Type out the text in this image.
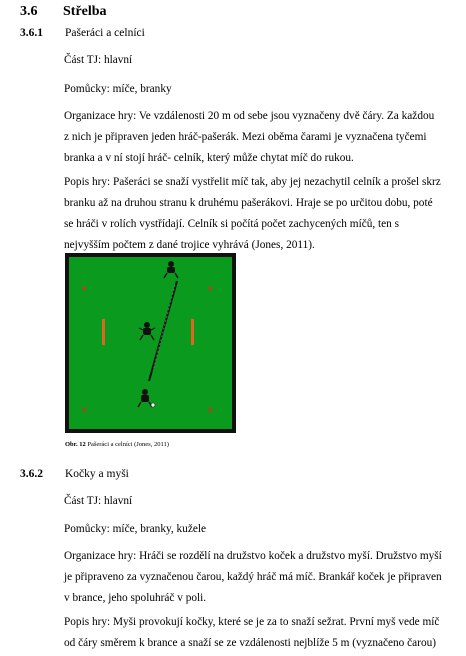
3.6 Střelba
3.6.1 Pašeráci a celníci
Část TJ: hlavní
Pomůcky: míče, branky
Organizace hry: Ve vzdálenosti 20 m od sebe jsou vyznačeny dvě čáry. Za každou
z nich je připraven jeden hráč-pašerák. Mezi oběma čarami je vyznačena tyčemi
branka a v ní stojí hráč- celník, který může chytat míč do rukou.
Popis hry: Pašeráci se snaží vystřelit míč tak, aby jej nezachytil celník a prošel skrz
branku až na druhou stranu k druhému pašerákovi. Hraje se po určitou dobu, poté
se hráči v rolích vystřídají. Celník si počítá počet zachycených míčů, ten s
nejvyšším počtem z dané trojice vyhrává (Jones, 2011).
Obr. 12 Pašeráci a celníci (Jones, 2011)
3.6.2 Kočky a myši
Část TJ: hlavní
Pomůcky: míče, branky, kužele
Organizace hry: Hráči se rozdělí na družstvo koček a družstvo myší. Družstvo myší
je připraveno za vyznačenou čarou, každý hráč má míč. Brankář koček je připraven
v brance, jeho spoluhráč v poli.
Popis hry: Myši provokují kočky, které se je za to snaží sežrat. První myš vede míč
od čáry směrem k brance a snaží se ze vzdálenosti nejblíže 5 m (vyznačeno čarou)
